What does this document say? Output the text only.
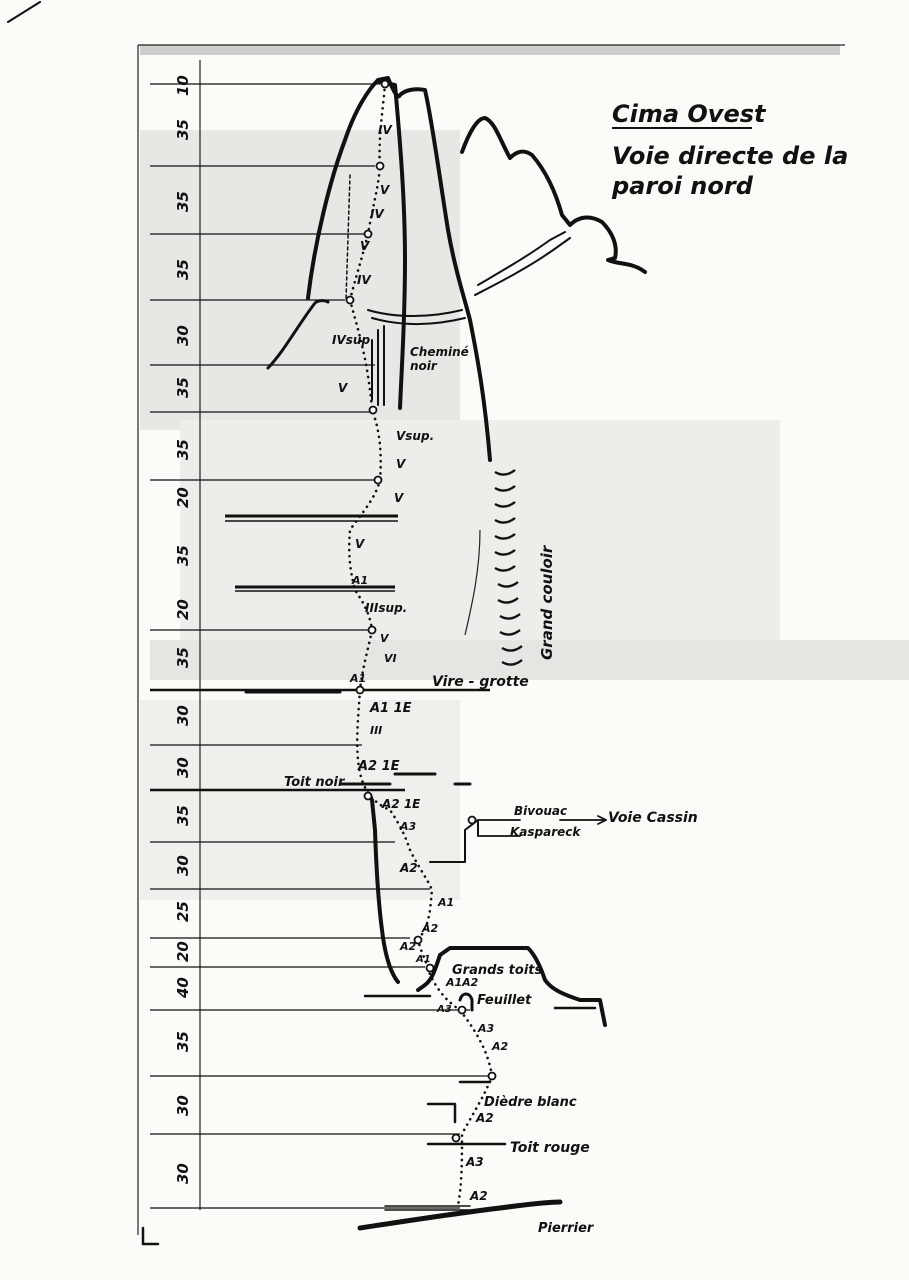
10
35
35
35
30
35
35
20
35
20
35
30
30
35
30
25
20
40
35
30
30
Cima Ovest
Voie directe de la
paroi nord
IV
V
IV
V
IV
IVsup
V
Vsup.
V
V
V
A1
IIIsup.
V
VI
A1
A1 1E
III
A2 1E
A2 1E
A3
A2
A1
A2
A2
A1
A1A2
A3
A3
A2
A2
A3
A2
Cheminé
noir
Grand couloir
Vire - grotte
Toit noir
Bivouac	Voie Cassin
Kaspareck
Grands toits
Feuillet
Dièdre blanc
Toit rouge
Pierrier
